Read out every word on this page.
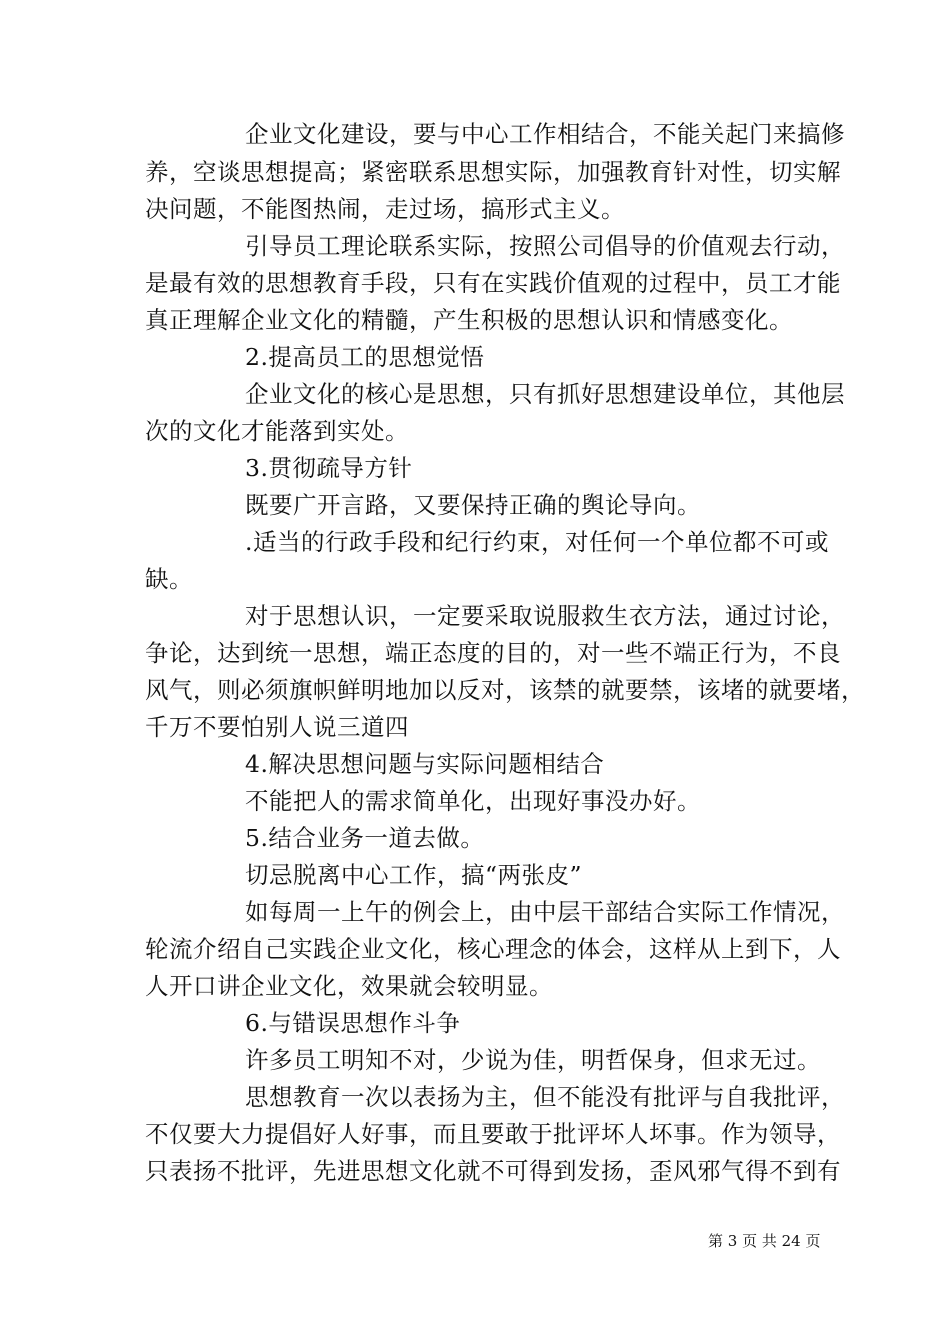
企业文化建设，要与中心工作相结合，不能关起门来搞修
养，空谈思想提高；紧密联系思想实际，加强教育针对性，切实解
决问题，不能图热闹，走过场，搞形式主义。
引导员工理论联系实际，按照公司倡导的价值观去行动，
是最有效的思想教育手段，只有在实践价值观的过程中，员工才能
真正理解企业文化的精髓，产生积极的思想认识和情感变化。
2.提高员工的思想觉悟
企业文化的核心是思想，只有抓好思想建设单位，其他层
次的文化才能落到实处。
3.贯彻疏导方针
既要广开言路，又要保持正确的舆论导向。
.适当的行政手段和纪行约束，对任何一个单位都不可或
缺。
对于思想认识，一定要采取说服救生衣方法，通过讨论，
争论，达到统一思想，端正态度的目的，对一些不端正行为，不良
风气，则必须旗帜鲜明地加以反对，该禁的就要禁，该堵的就要堵，
千万不要怕别人说三道四
4.解决思想问题与实际问题相结合
不能把人的需求简单化，出现好事没办好。
5.结合业务一道去做。
切忌脱离中心工作，搞“两张皮”
如每周一上午的例会上，由中层干部结合实际工作情况，
轮流介绍自己实践企业文化，核心理念的体会，这样从上到下，人
人开口讲企业文化，效果就会较明显。
6.与错误思想作斗争
许多员工明知不对，少说为佳，明哲保身，但求无过。
思想教育一次以表扬为主，但不能没有批评与自我批评，
不仅要大力提倡好人好事，而且要敢于批评坏人坏事。作为领导，
只表扬不批评，先进思想文化就不可得到发扬，歪风邪气得不到有
第 3 页 共 24 页
